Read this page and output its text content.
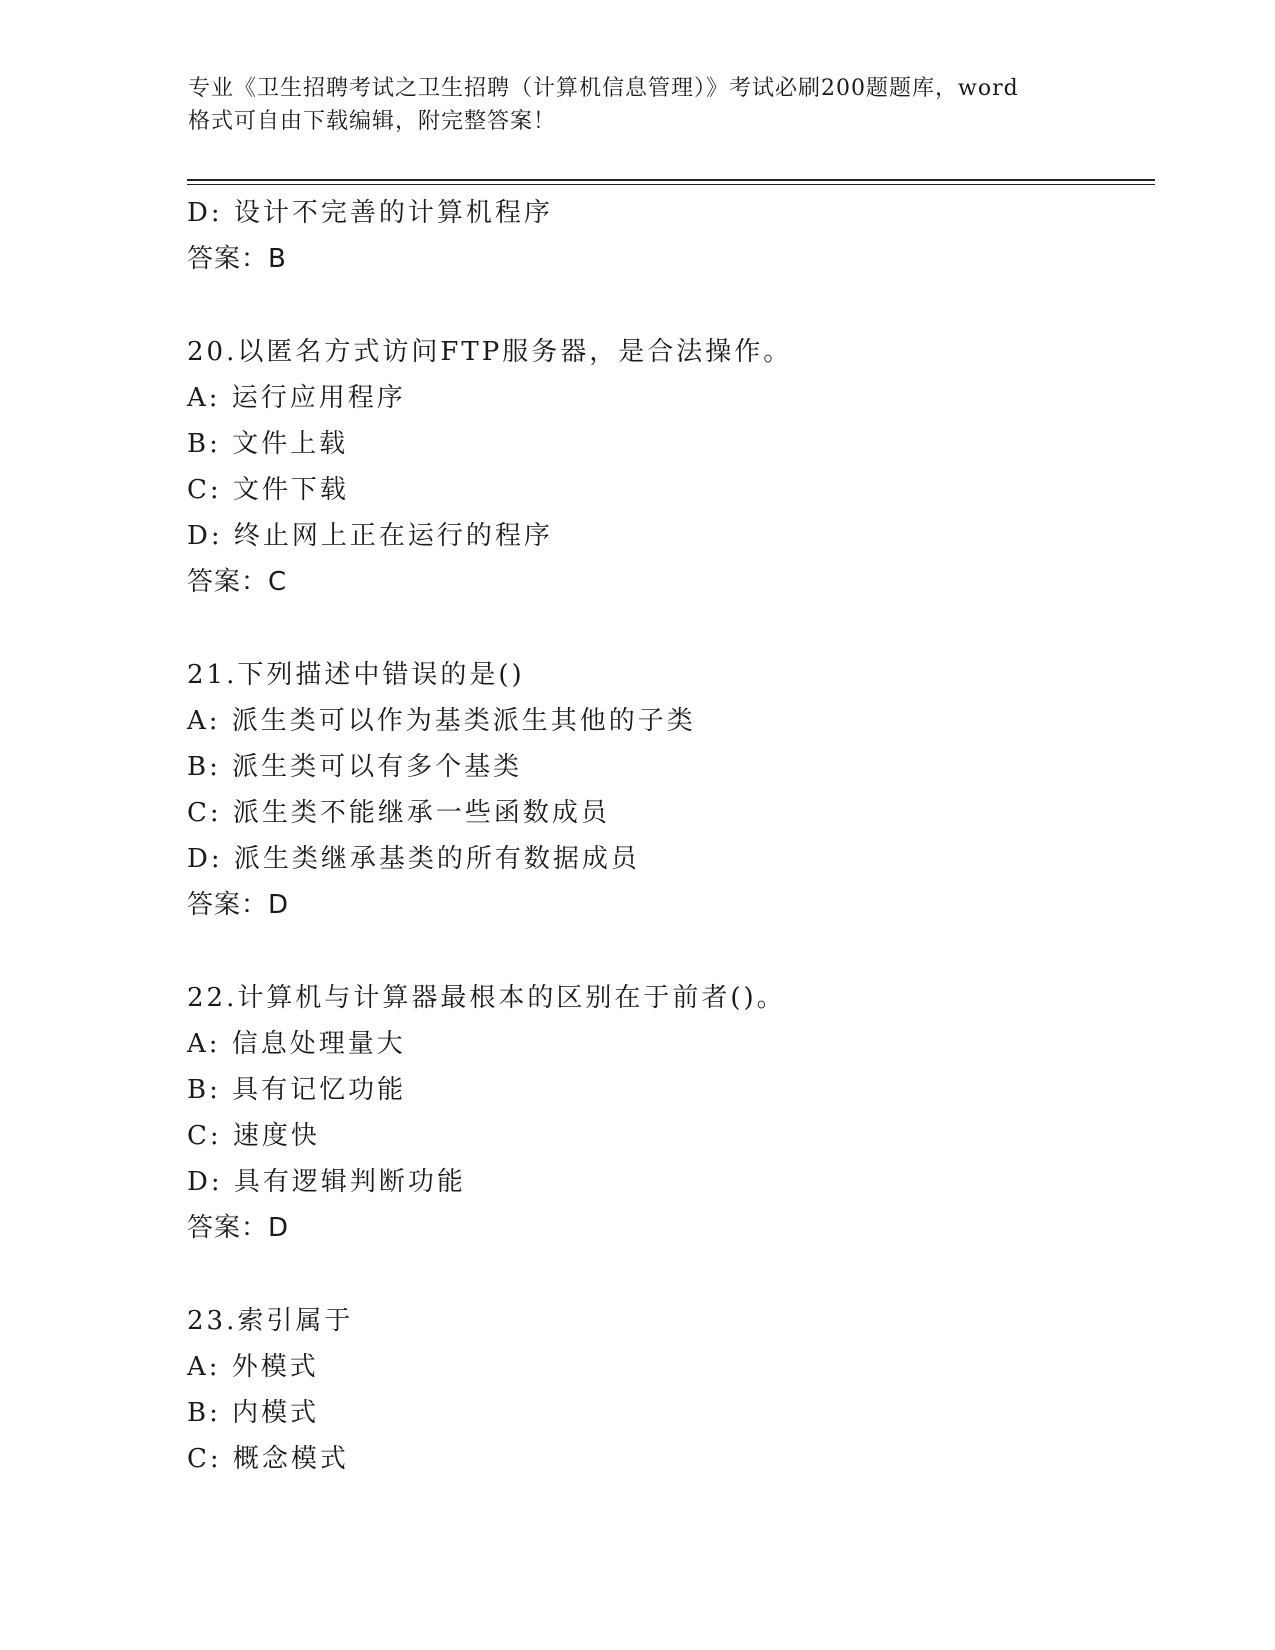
专业《卫生招聘考试之卫生招聘（计算机信息管理）》考试必刷200题题库，word
格式可自由下载编辑，附完整答案！
D: 设计不完善的计算机程序
答案：B
20.以匿名方式访问FTP服务器，是合法操作。
A: 运行应用程序
B: 文件上载
C: 文件下载
D: 终止网上正在运行的程序
答案：C
21.下列描述中错误的是()
A: 派生类可以作为基类派生其他的子类
B: 派生类可以有多个基类
C: 派生类不能继承一些函数成员
D: 派生类继承基类的所有数据成员
答案：D
22.计算机与计算器最根本的区别在于前者()。
A: 信息处理量大
B: 具有记忆功能
C: 速度快
D: 具有逻辑判断功能
答案：D
23.索引属于
A: 外模式
B: 内模式
C: 概念模式
